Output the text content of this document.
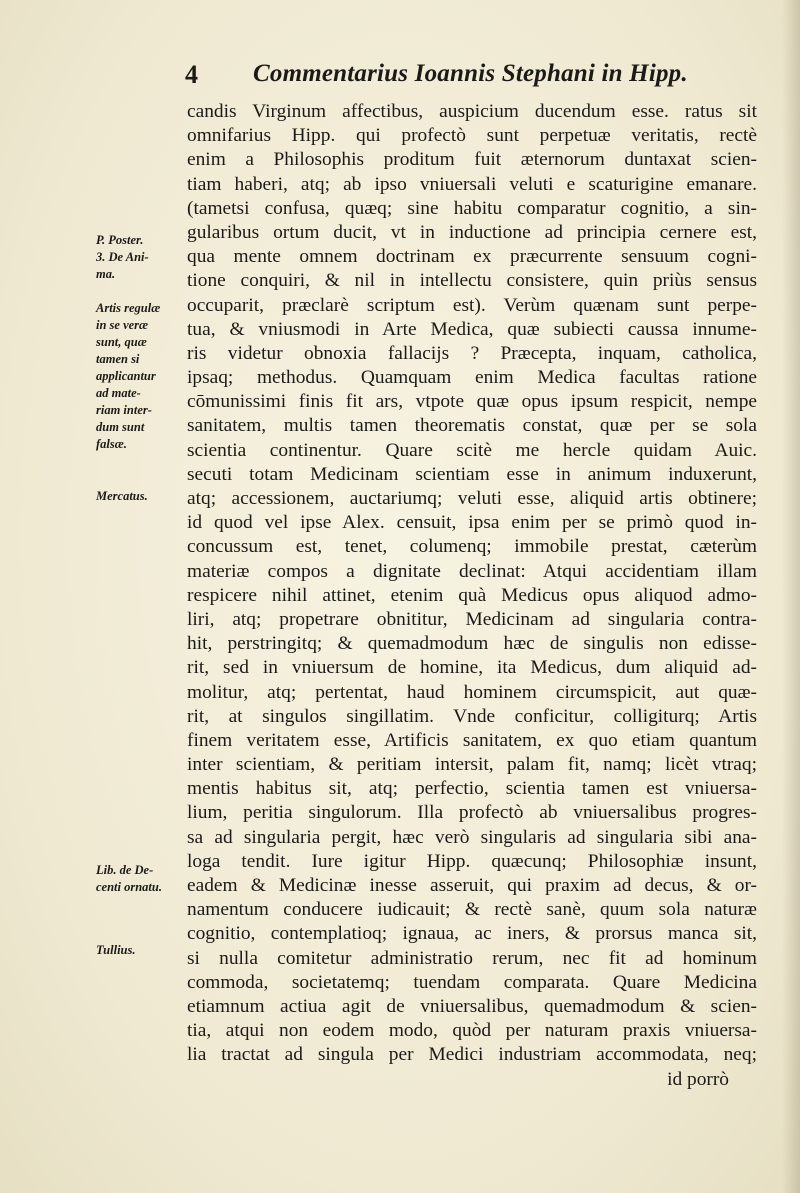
4 Commentarius Ioannis Stephani in Hipp.
P. Poster.
3. De Ani-
ma.
Artis regulæ
in se veræ
sunt, quæ
tamen si
applicantur
ad mate-
riam inter-
dum sunt
falsæ.
Mercatus.
Lib. de De-
centi ornatu.
Tullius.
candis Virginum affectibus, auspicium ducendum esse. ratus sit
omnifarius Hipp. qui profectò sunt perpetuæ veritatis, rectè
enim a Philosophis proditum fuit æternorum duntaxat scien-
tiam haberi, atq; ab ipso vniuersali veluti e scaturigine emanare.
(tametsi confusa, quæq; sine habitu comparatur cognitio, a sin-
gularibus ortum ducit, vt in inductione ad principia cernere est,
qua mente omnem doctrinam ex præcurrente sensuum cogni-
tione conquiri, & nil in intellectu consistere, quin priùs sensus
occuparit, præclarè scriptum est). Verùm quænam sunt perpe-
tua, & vniusmodi in Arte Medica, quæ subiecti caussa innume-
ris videtur obnoxia fallacijs ? Præcepta, inquam, catholica,
ipsaq; methodus. Quamquam enim Medica facultas ratione
cōmunissimi finis fit ars, vtpote quæ opus ipsum respicit, nempe
sanitatem, multis tamen theorematis constat, quæ per se sola
scientia continentur. Quare scitè me hercle quidam Auic.
secuti totam Medicinam scientiam esse in animum induxerunt,
atq; accessionem, auctariumq; veluti esse, aliquid artis obtinere;
id quod vel ipse Alex. censuit, ipsa enim per se primò quod in-
concussum est, tenet, columenq; immobile prestat, cæterùm
materiæ compos a dignitate declinat: Atqui accidentiam illam
respicere nihil attinet, etenim quà Medicus opus aliquod admo-
liri, atq; propetrare obnititur, Medicinam ad singularia contra-
hit, perstringitq; & quemadmodum hæc de singulis non edisse-
rit, sed in vniuersum de homine, ita Medicus, dum aliquid ad-
molitur, atq; pertentat, haud hominem circumspicit, aut quæ-
rit, at singulos singillatim. Vnde conficitur, colligiturq; Artis
finem veritatem esse, Artificis sanitatem, ex quo etiam quantum
inter scientiam, & peritiam intersit, palam fit, namq; licèt vtraq;
mentis habitus sit, atq; perfectio, scientia tamen est vniuersa-
lium, peritia singulorum. Illa profectò ab vniuersalibus progres-
sa ad singularia pergit, hæc verò singularis ad singularia sibi ana-
loga tendit. Iure igitur Hipp. quæcunq; Philosophiæ insunt,
eadem & Medicinæ inesse asseruit, qui praxim ad decus, & or-
namentum conducere iudicauit; & rectè sanè, quum sola naturæ
cognitio, contemplatioq; ignaua, ac iners, & prorsus manca sit,
si nulla comitetur administratio rerum, nec fit ad hominum
commoda, societatemq; tuendam comparata. Quare Medicina
etiamnum actiua agit de vniuersalibus, quemadmodum & scien-
tia, atqui non eodem modo, quòd per naturam praxis vniuersa-
lia tractat ad singula per Medici industriam accommodata, neq;
id porrò
